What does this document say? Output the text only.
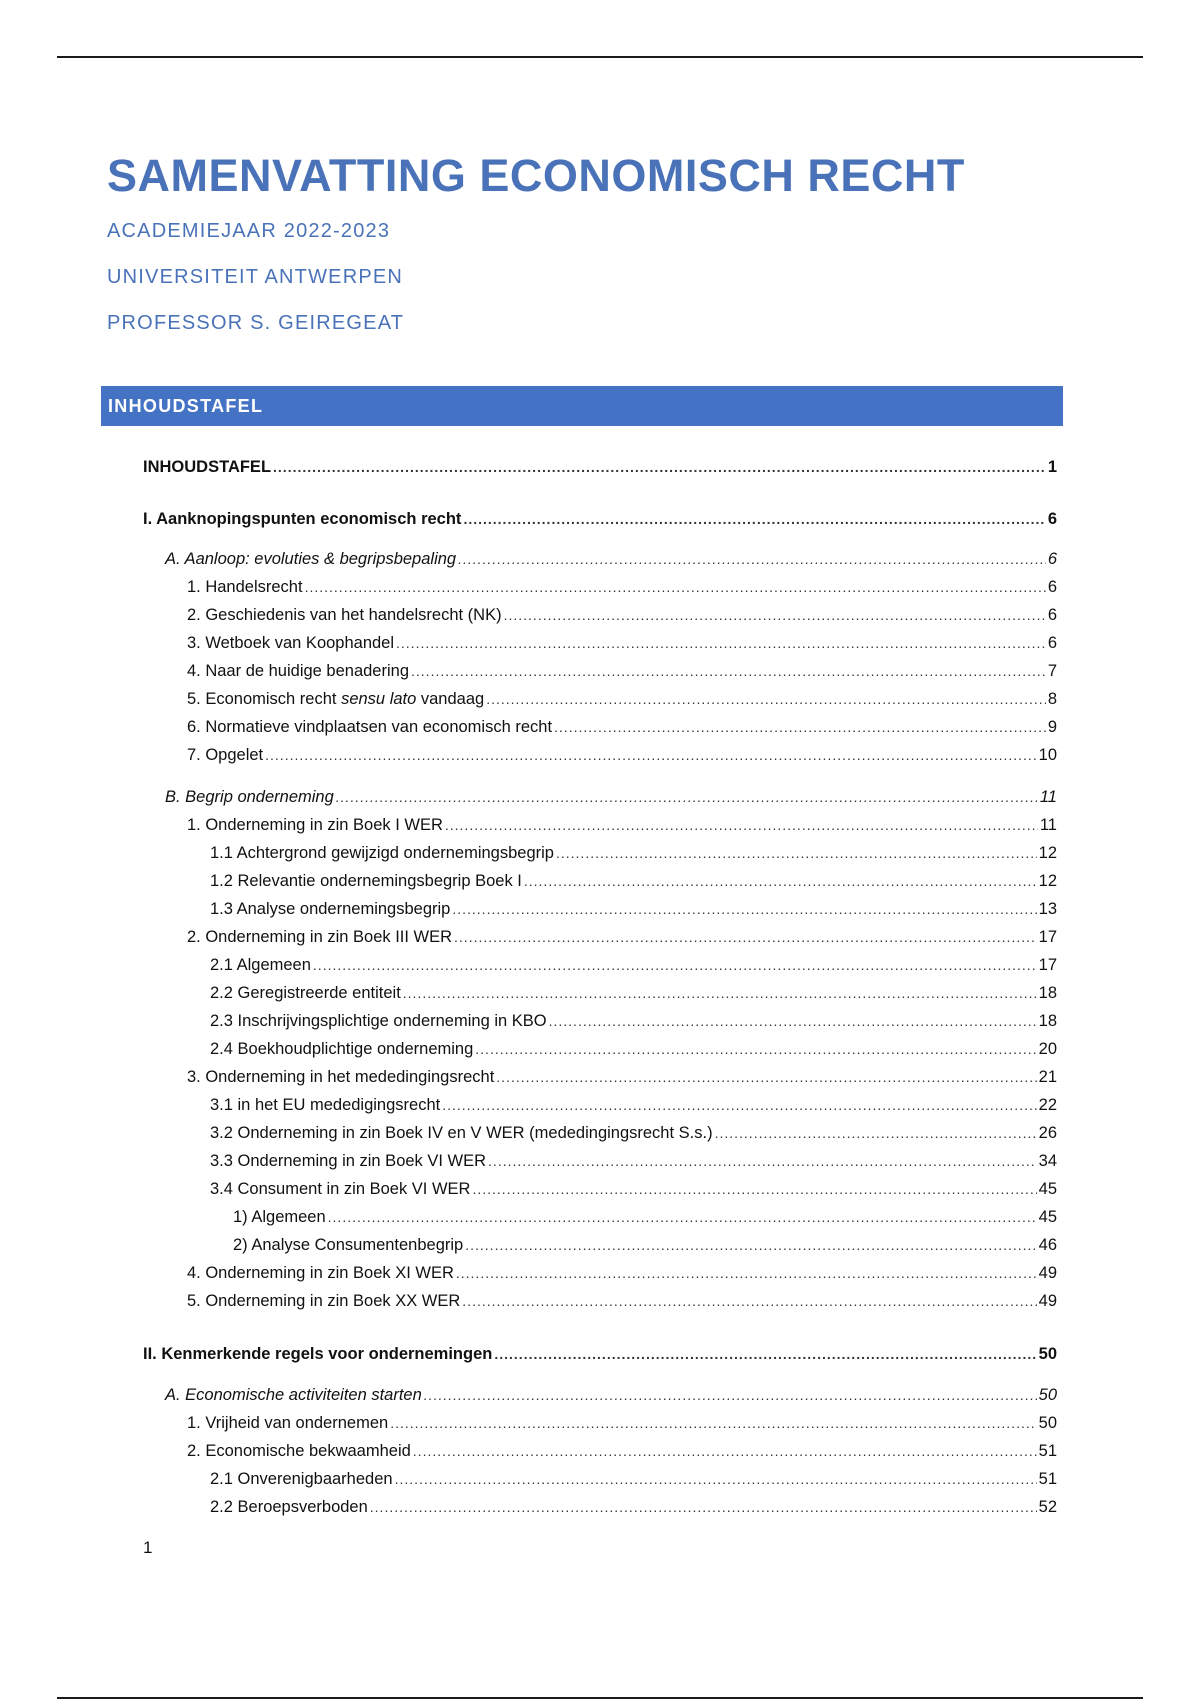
SAMENVATTING ECONOMISCH RECHT
ACADEMIEJAAR 2022-2023
UNIVERSITEIT ANTWERPEN
PROFESSOR S. GEIREGEAT
INHOUDSTAFEL
INHOUDSTAFEL .....	1
I. Aanknopingspunten economisch recht .....	6
A. Aanloop: evoluties & begripsbepaling .....	6
1. Handelsrecht .....	6
2. Geschiedenis van het handelsrecht (NK) .....	6
3. Wetboek van Koophandel .....	6
4. Naar de huidige benadering .....	7
5. Economisch recht sensu lato vandaag .....	8
6. Normatieve vindplaatsen van economisch recht .....	9
7. Opgelet .....	10
B. Begrip onderneming .....	11
1. Onderneming in zin Boek I WER .....	11
1.1 Achtergrond gewijzigd ondernemingsbegrip .....	12
1.2 Relevantie ondernemingsbegrip Boek I .....	12
1.3 Analyse ondernemingsbegrip .....	13
2. Onderneming in zin Boek III WER .....	17
2.1 Algemeen .....	17
2.2 Geregistreerde entiteit .....	18
2.3 Inschrijvingsplichtige onderneming in KBO .....	18
2.4 Boekhoudplichtige onderneming .....	20
3. Onderneming in het mededingingsrecht .....	21
3.1 in het EU mededigingsrecht .....	22
3.2 Onderneming in zin Boek IV en V WER (mededingingsrecht S.s.) .....	26
3.3 Onderneming in zin Boek VI WER .....	34
3.4 Consument in zin Boek VI WER .....	45
1) Algemeen .....	45
2) Analyse Consumentenbegrip .....	46
4. Onderneming in zin Boek XI WER .....	49
5. Onderneming in zin Boek XX WER .....	49
II. Kenmerkende regels voor ondernemingen .....	50
A. Economische activiteiten starten .....	50
1. Vrijheid van ondernemen .....	50
2. Economische bekwaamheid .....	51
2.1 Onverenigbaarheden .....	51
2.2 Beroepsverboden .....	52
1
